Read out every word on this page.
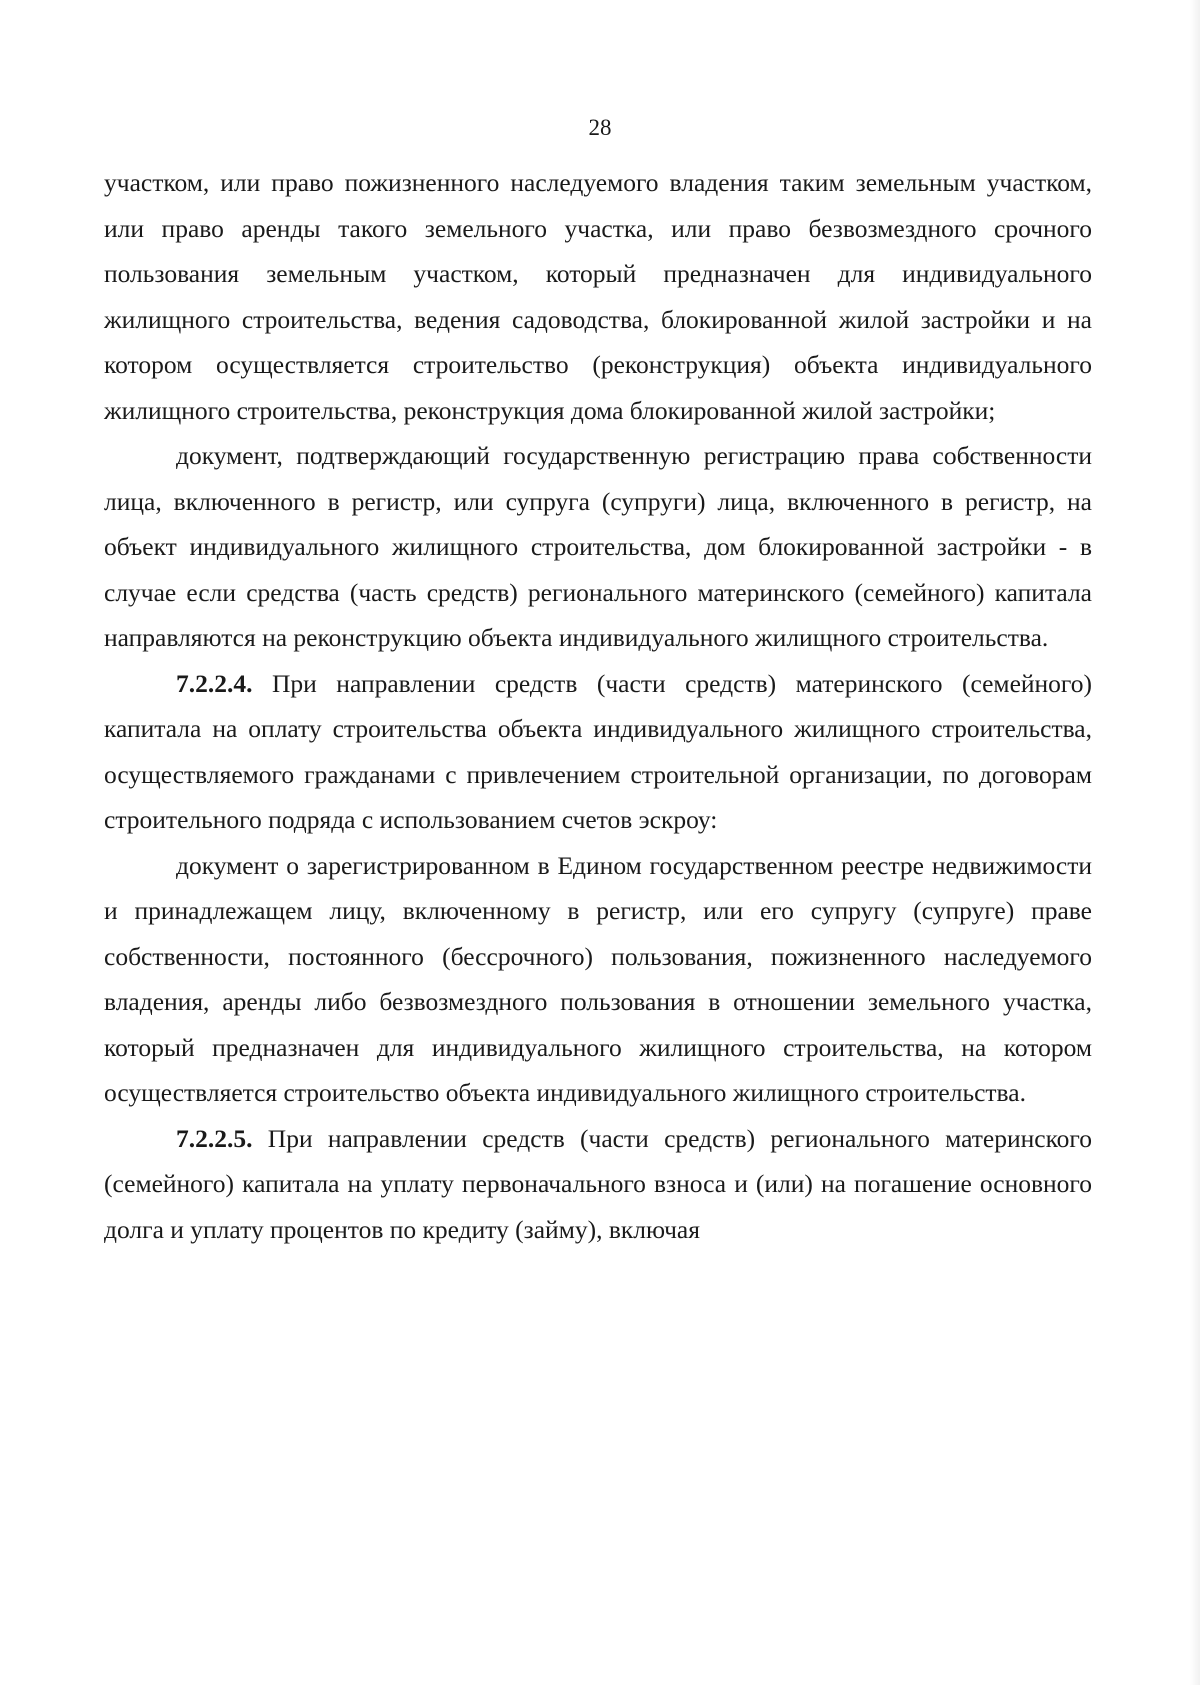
28

участком, или право пожизненного наследуемого владения таким земельным участком, или право аренды такого земельного участка, или право безвозмездного срочного пользования земельным участком, который предназначен для индивидуального жилищного строительства, ведения садоводства, блокированной жилой застройки и на котором осуществляется строительство (реконструкция) объекта индивидуального жилищного строительства, реконструкция дома блокированной жилой застройки;

документ, подтверждающий государственную регистрацию права собственности лица, включенного в регистр, или супруга (супруги) лица, включенного в регистр, на объект индивидуального жилищного строительства, дом блокированной застройки - в случае если средства (часть средств) регионального материнского (семейного) капитала направляются на реконструкцию объекта индивидуального жилищного строительства.

7.2.2.4. При направлении средств (части средств) материнского (семейного) капитала на оплату строительства объекта индивидуального жилищного строительства, осуществляемого гражданами с привлечением строительной организации, по договорам строительного подряда с использованием счетов эскроу:

документ о зарегистрированном в Едином государственном реестре недвижимости и принадлежащем лицу, включенному в регистр, или его супругу (супруге) праве собственности, постоянного (бессрочного) пользования, пожизненного наследуемого владения, аренды либо безвозмездного пользования в отношении земельного участка, который предназначен для индивидуального жилищного строительства, на котором осуществляется строительство объекта индивидуального жилищного строительства.

7.2.2.5. При направлении средств (части средств) регионального материнского (семейного) капитала на уплату первоначального взноса и (или) на погашение основного долга и уплату процентов по кредиту (займу), включая
